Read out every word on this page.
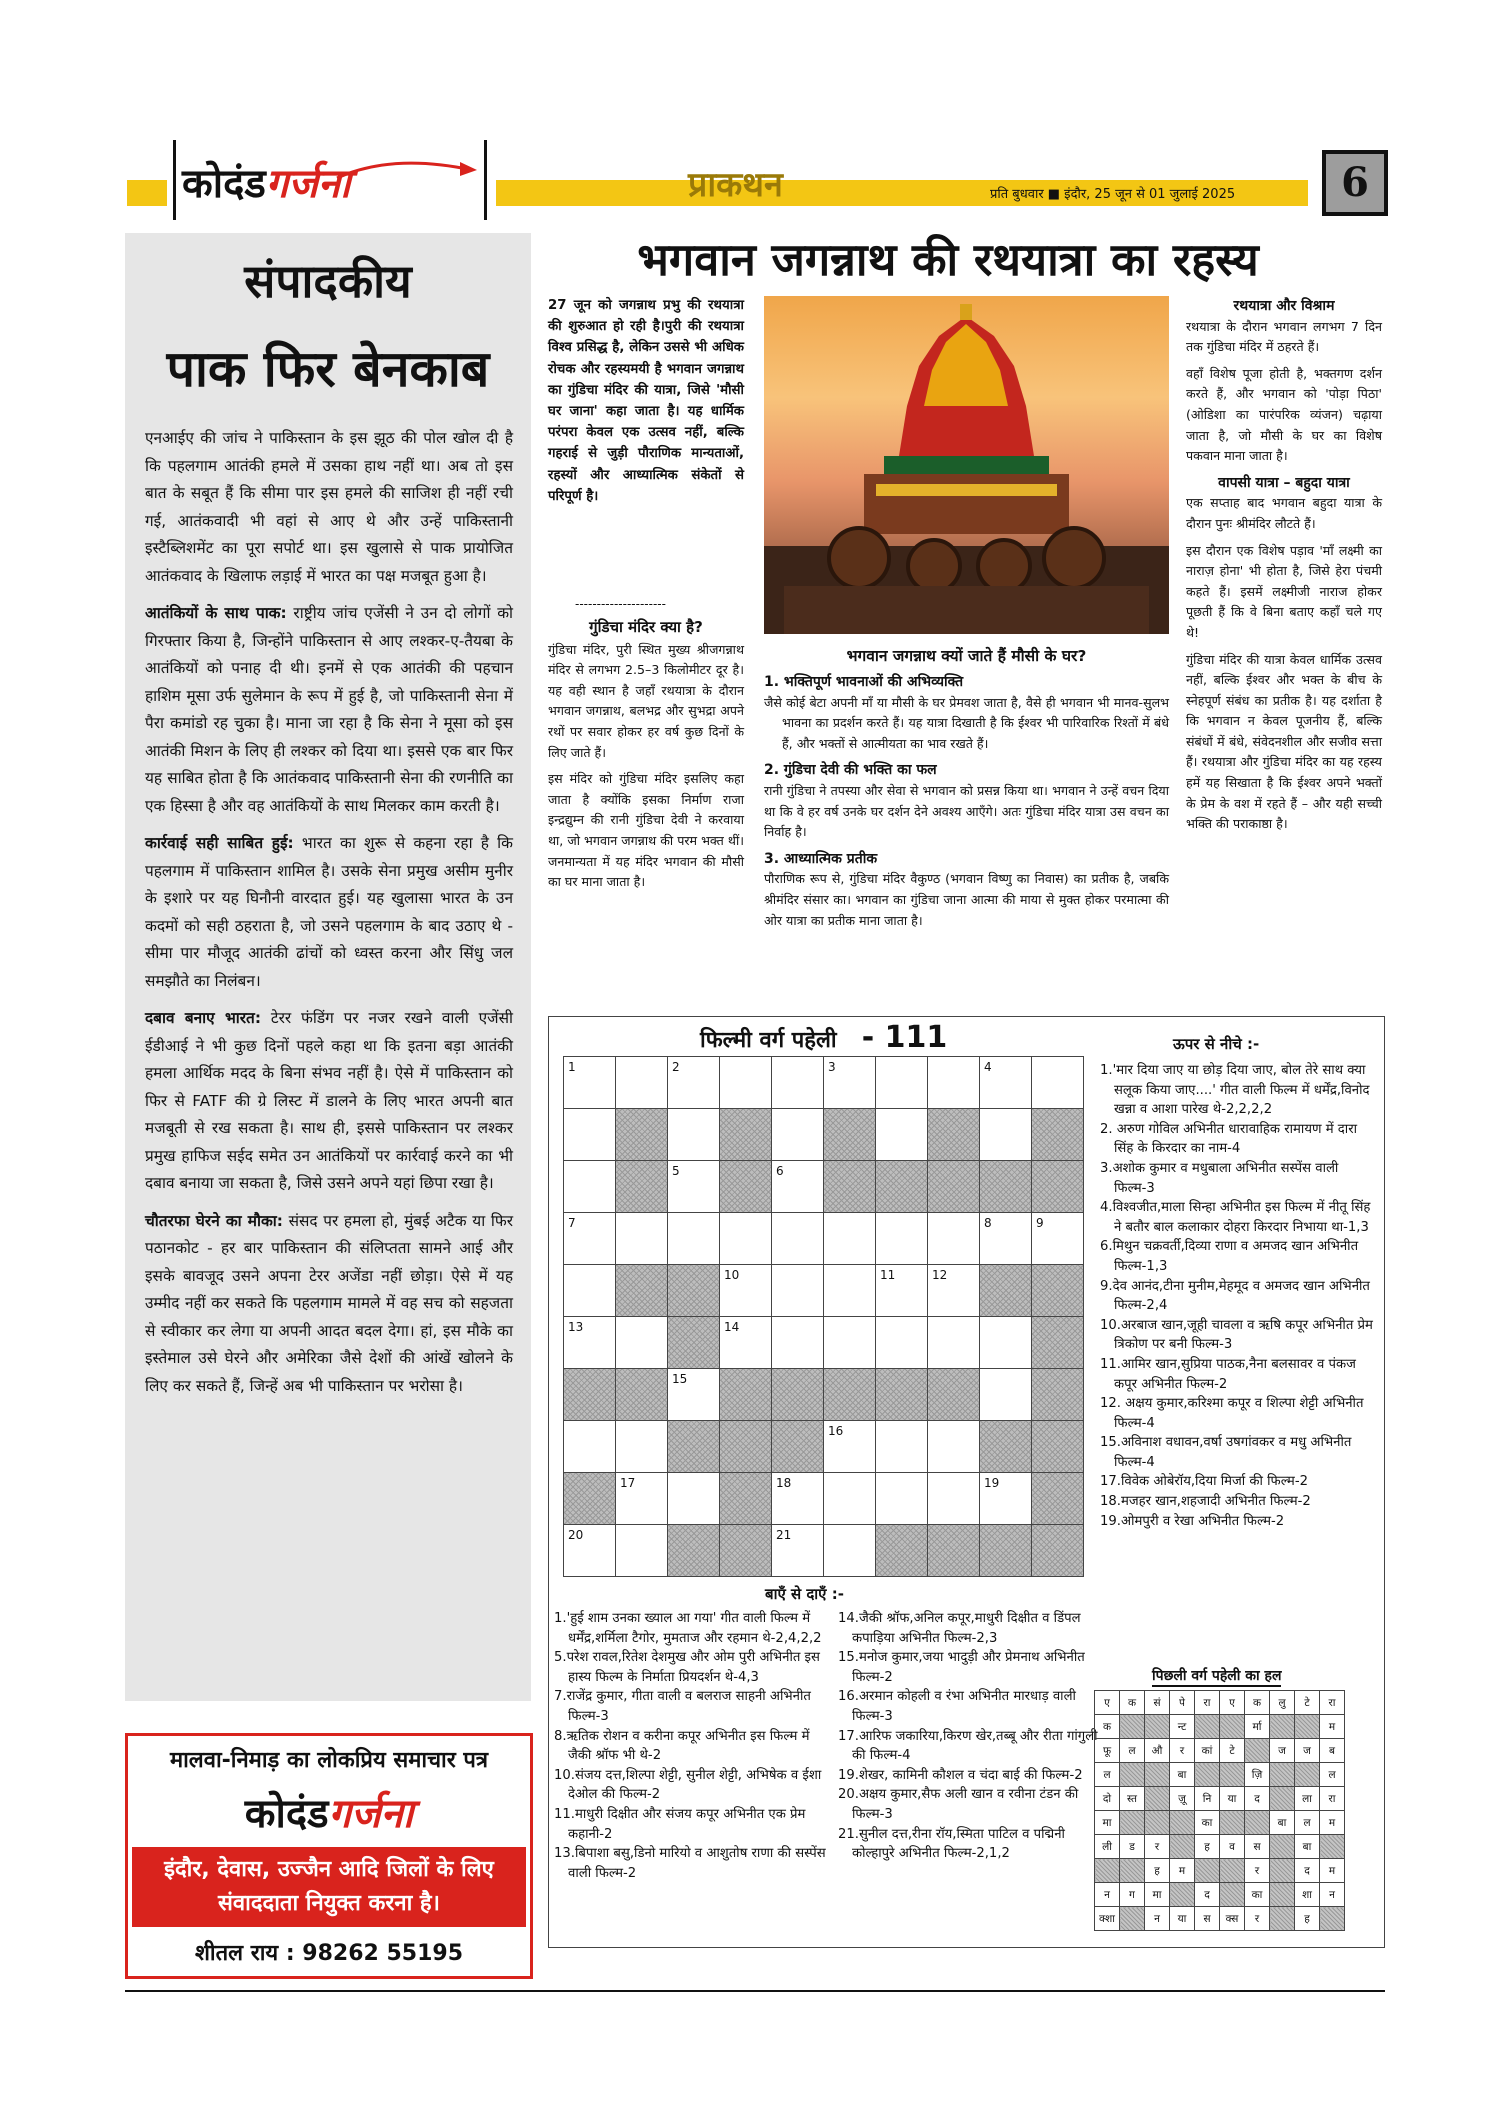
कोदंडगर्जना	प्राकथन	प्रति बुधवार ■ इंदौर, 25 जून से 01 जुलाई 2025	6
संपादकीय
पाक फिर बेनकाब

एनआईए की जांच ने पाकिस्तान के इस झूठ की पोल खोल दी है कि पहलगाम आतंकी हमले में उसका हाथ नहीं था। अब तो इस बात के सबूत हैं कि सीमा पार इस हमले की साजिश ही नहीं रची गई, आतंकवादी भी वहां से आए थे और उन्हें पाकिस्तानी इस्टैब्लिशमेंट का पूरा सपोर्ट था। इस खुलासे से पाक प्रायोजित आतंकवाद के खिलाफ लड़ाई में भारत का पक्ष मजबूत हुआ है।

आतंकियों के साथ पाक: राष्ट्रीय जांच एजेंसी ने उन दो लोगों को गिरफ्तार किया है, जिन्होंने पाकिस्तान से आए लश्कर-ए-तैयबा के आतंकियों को पनाह दी थी। इनमें से एक आतंकी की पहचान हाशिम मूसा उर्फ सुलेमान के रूप में हुई है, जो पाकिस्तानी सेना में पैरा कमांडो रह चुका है। माना जा रहा है कि सेना ने मूसा को इस आतंकी मिशन के लिए ही लश्कर को दिया था। इससे एक बार फिर यह साबित होता है कि आतंकवाद पाकिस्तानी सेना की रणनीति का एक हिस्सा है और वह आतंकियों के साथ मिलकर काम करती है।

कार्रवाई सही साबित हुई: भारत का शुरू से कहना रहा है कि पहलगाम में पाकिस्तान शामिल है। उसके सेना प्रमुख असीम मुनीर के इशारे पर यह घिनौनी वारदात हुई। यह खुलासा भारत के उन कदमों को सही ठहराता है, जो उसने पहलगाम के बाद उठाए थे - सीमा पार मौजूद आतंकी ढांचों को ध्वस्त करना और सिंधु जल समझौते का निलंबन।

दबाव बनाए भारत: टेरर फंडिंग पर नजर रखने वाली एजेंसी ईडीआई ने भी कुछ दिनों पहले कहा था कि इतना बड़ा आतंकी हमला आर्थिक मदद के बिना संभव नहीं है। ऐसे में पाकिस्तान को फिर से FATF की ग्रे लिस्ट में डालने के लिए भारत अपनी बात मजबूती से रख सकता है। साथ ही, इससे पाकिस्तान पर लश्कर प्रमुख हाफिज सईद समेत उन आतंकियों पर कार्रवाई करने का भी दबाव बनाया जा सकता है, जिसे उसने अपने यहां छिपा रखा है।

चौतरफा घेरने का मौका: संसद पर हमला हो, मुंबई अटैक या फिर पठानकोट - हर बार पाकिस्तान की संलिप्तता सामने आई और इसके बावजूद उसने अपना टेरर अजेंडा नहीं छोड़ा। ऐसे में यह उम्मीद नहीं कर सकते कि पहलगाम मामले में वह सच को सहजता से स्वीकार कर लेगा या अपनी आदत बदल देगा। हां, इस मौके का इस्तेमाल उसे घेरने और अमेरिका जैसे देशों की आंखें खोलने के लिए कर सकते हैं, जिन्हें अब भी पाकिस्तान पर भरोसा है।

मालवा-निमाड़ का लोकप्रिय समाचार पत्र
कोदंडगर्जना
इंदौर, देवास, उज्जैन आदि जिलों के लिए संवाददाता नियुक्त करना है।
शीतल राय : 98262 55195
भगवान जगन्नाथ की रथयात्रा का रहस्य
27 जून को जगन्नाथ प्रभु की रथयात्रा की शुरुआत हो रही है।पुरी की रथयात्रा विश्व प्रसिद्ध है, लेकिन उससे भी अधिक रोचक और रहस्यमयी है भगवान जगन्नाथ का गुंडिचा मंदिर की यात्रा, जिसे 'मौसी घर जाना' कहा जाता है। यह धार्मिक परंपरा केवल एक उत्सव नहीं, बल्कि गहराई से जुड़ी पौराणिक मान्यताओं, रहस्यों और आध्यात्मिक संकेतों से परिपूर्ण है।
---------------------
गुंडिचा मंदिर क्या है?

गुंडिचा मंदिर, पुरी स्थित मुख्य श्रीजगन्नाथ मंदिर से लगभग 2.5–3 किलोमीटर दूर है। यह वही स्थान है जहाँ रथयात्रा के दौरान भगवान जगन्नाथ, बलभद्र और सुभद्रा अपने रथों पर सवार होकर हर वर्ष कुछ दिनों के लिए जाते हैं।

इस मंदिर को गुंडिचा मंदिर इसलिए कहा जाता है क्योंकि इसका निर्माण राजा इन्द्रद्युम्न की रानी गुंडिचा देवी ने करवाया था, जो भगवान जगन्नाथ की परम भक्त थीं। जनमान्यता में यह मंदिर भगवान की मौसी का घर माना जाता है।

भगवान जगन्नाथ क्यों जाते हैं मौसी के घर?
1. भक्तिपूर्ण भावनाओं की अभिव्यक्ति

जैसे कोई बेटा अपनी माँ या मौसी के घर प्रेमवश जाता है, वैसे ही भगवान भी मानव-सुलभ भावना का प्रदर्शन करते हैं। यह यात्रा दिखाती है कि ईश्वर भी पारिवारिक रिश्तों में बंधे हैं, और भक्तों से आत्मीयता का भाव रखते हैं।

2. गुंडिचा देवी की भक्ति का फल

रानी गुंडिचा ने तपस्या और सेवा से भगवान को प्रसन्न किया था। भगवान ने उन्हें वचन दिया था कि वे हर वर्ष उनके घर दर्शन देने अवश्य आएँगे। अतः गुंडिचा मंदिर यात्रा उस वचन का निर्वाह है।

3. आध्यात्मिक प्रतीक

पौराणिक रूप से, गुंडिचा मंदिर वैकुण्ठ (भगवान विष्णु का निवास) का प्रतीक है, जबकि श्रीमंदिर संसार का। भगवान का गुंडिचा जाना आत्मा की माया से मुक्त होकर परमात्मा की ओर यात्रा का प्रतीक माना जाता है।

रथयात्रा और विश्राम

रथयात्रा के दौरान भगवान लगभग 7 दिन तक गुंडिचा मंदिर में ठहरते हैं।

वहाँ विशेष पूजा होती है, भक्तगण दर्शन करते हैं, और भगवान को 'पोड़ा पिठा' (ओडिशा का पारंपरिक व्यंजन) चढ़ाया जाता है, जो मौसी के घर का विशेष पकवान माना जाता है।

वापसी यात्रा – बहुदा यात्रा

एक सप्ताह बाद भगवान बहुदा यात्रा के दौरान पुनः श्रीमंदिर लौटते हैं।

इस दौरान एक विशेष पड़ाव 'माँ लक्ष्मी का नाराज़ होना' भी होता है, जिसे हेरा पंचमी कहते हैं। इसमें लक्ष्मीजी नाराज होकर पूछती हैं कि वे बिना बताए कहाँ चले गए थे!

गुंडिचा मंदिर की यात्रा केवल धार्मिक उत्सव नहीं, बल्कि ईश्वर और भक्त के बीच के स्नेहपूर्ण संबंध का प्रतीक है। यह दर्शाता है कि भगवान न केवल पूजनीय हैं, बल्कि संबंधों में बंधे, संवेदनशील और सजीव सत्ता हैं। रथयात्रा और गुंडिचा मंदिर का यह रहस्य हमें यह सिखाता है कि ईश्वर अपने भक्तों के प्रेम के वश में रहते हैं – और यही सच्ची भक्ति की पराकाष्ठा है।

फिल्मी वर्ग पहेली - 111
1		2			3			4	

		5		6					

7								8	9

			10			11	12		

13			14						

		15							

					16				

	17			18				19	

20				21					

बाएँ से दाएँ :-
1.'हुई शाम उनका ख्याल आ गया' गीत वाली फिल्म में धर्मेंद्र,शर्मिला टैगोर, मुमताज और रहमान थे-2,4,2,2
5.परेश रावल,रितेश देशमुख और ओम पुरी अभिनीत इस हास्य फिल्म के निर्माता प्रियदर्शन थे-4,3
7.राजेंद्र कुमार, गीता वाली व बलराज साहनी अभिनीत फिल्म-3
8.ऋतिक रोशन व करीना कपूर अभिनीत इस फिल्म में जैकी श्रॉफ भी थे-2
10.संजय दत्त,शिल्पा शेट्टी, सुनील शेट्टी, अभिषेक व ईशा देओल की फिल्म-2
11.माधुरी दिक्षीत और संजय कपूर अभिनीत एक प्रेम कहानी-2
13.बिपाशा बसु,डिनो मारियो व आशुतोष राणा की सस्पेंस वाली फिल्म-2
14.जैकी श्रॉफ,अनिल कपूर,माधुरी दिक्षीत व डिंपल कपाड़िया अभिनीत फिल्म-2,3
15.मनोज कुमार,जया भादुड़ी और प्रेमनाथ अभिनीत फिल्म-2
16.अरमान कोहली व रंभा अभिनीत मारधाड़ वाली फिल्म-3
17.आरिफ जकारिया,किरण खेर,तब्बू और रीता गांगुली की फिल्म-4
19.शेखर, कामिनी कौशल व चंदा बाई की फिल्म-2
20.अक्षय कुमार,सैफ अली खान व रवीना टंडन की फिल्म-3
21.सुनील दत्त,रीना रॉय,स्मिता पाटिल व पद्मिनी कोल्हापुरे अभिनीत फिल्म-2,1,2
ऊपर से नीचे :-
1.'मार दिया जाए या छोड़ दिया जाए, बोल तेरे साथ क्या सलूक किया जाए....' गीत वाली फिल्म में धर्मेंद्र,विनोद खन्ना व आशा पारेख थे-2,2,2,2
2. अरुण गोविल अभिनीत धारावाहिक रामायण में दारा सिंह के किरदार का नाम-4
3.अशोक कुमार व मधुबाला अभिनीत सस्पेंस वाली फिल्म-3
4.विश्वजीत,माला सिन्हा अभिनीत इस फिल्म में नीतू सिंह ने बतौर बाल कलाकार दोहरा किरदार निभाया था-1,3
6.मिथुन चक्रवर्ती,दिव्या राणा व अमजद खान अभिनीत फिल्म-1,3
9.देव आनंद,टीना मुनीम,मेहमूद व अमजद खान अभिनीत फिल्म-2,4
10.अरबाज खान,जूही चावला व ऋषि कपूर अभिनीत प्रेम त्रिकोण पर बनी फिल्म-3
11.आमिर खान,सुप्रिया पाठक,नैना बलसावर व पंकज कपूर अभिनीत फिल्म-2
12. अक्षय कुमार,करिश्मा कपूर व शिल्पा शेट्टी अभिनीत फिल्म-4
15.अविनाश वधावन,वर्षा उषगांवकर व मधु अभिनीत फिल्म-4
17.विवेक ओबेरॉय,दिया मिर्जा की फिल्म-2
18.मजहर खान,शहजादी अभिनीत फिल्म-2
19.ओमपुरी व रेखा अभिनीत फिल्म-2
पिछली वर्ग पहेली का हल
ए	क	सं	पे	रा	ए	क	लु	टे	रा
क			न्ट			र्मा			म
फू	ल	औ	र	कां	टे		ज	ज	ब
ल			बा			ज़ि			ल
दो	स्त		ज़ू	नि	या	द		ला	रा
मा				का			बा	ल	म
ली	ड	र		ह	व	स		बा	
		ह	म			र		द	म
न	ग	मा		द		का		शा	न
क्शा		न	या	स	क्स	र		ह	
